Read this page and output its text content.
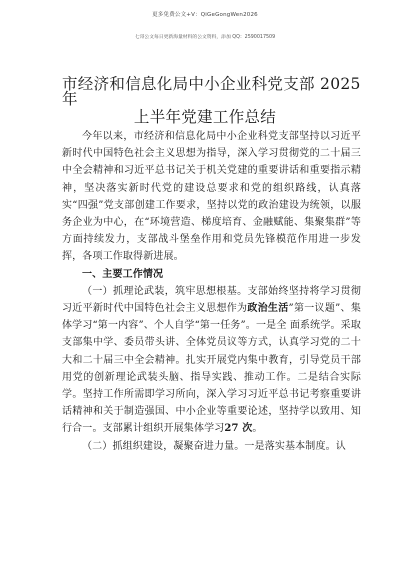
更多免费公文+V：QiGeGongWen2026
七哥公文每日更新海量材料的公文资料，添加 QQ：2590017509

市经济和信息化局中小企业科党支部 2025

年

上半年党建工作总结

今年以来，市经济和信息化局中小企业科党支部坚持以习近平新时代中国特色社会主义思想为指导，深入学习贯彻党的二十届三中全会精神和习近平总书记关于机关党建的重要讲话和重要指示精神，坚决落实新时代党的建设总要求和党的组织路线，认真落实“四强”党支部创建工作要求，坚持以党的政治建设为统领，以服务企业为中心，在“环境营造、梯度培育、金融赋能、集聚集群”等方面持续发力，支部战斗堡垒作用和党员先锋模范作用进一步发挥，各项工作取得新进展。

一、主要工作情况

（一）抓理论武装，筑牢思想根基。支部始终坚持将学习贯彻习近平新时代中国特色社会主义思想作为政治生活”第一议题”、集体学习“第一内容”、个人自学“第一任务”。一是全 面系统学。采取支部集中学、委员带头讲、全体党员议等方式，认真学习党的二十大和二十届三中全会精神。扎实开展党内集中教育，引导党员干部用党的创新理论武装头脑、指导实践、推动工作。二是结合实际学。坚持工作所需即学习所向，深入学习习近平总书记考察重要讲话精神和关于制造强国、中小企业等重要论述，坚持学以致用、知行合一。支部累计组织开展集体学习27 次。

（二）抓组织建设，凝聚奋进力量。一是落实基本制度。认
